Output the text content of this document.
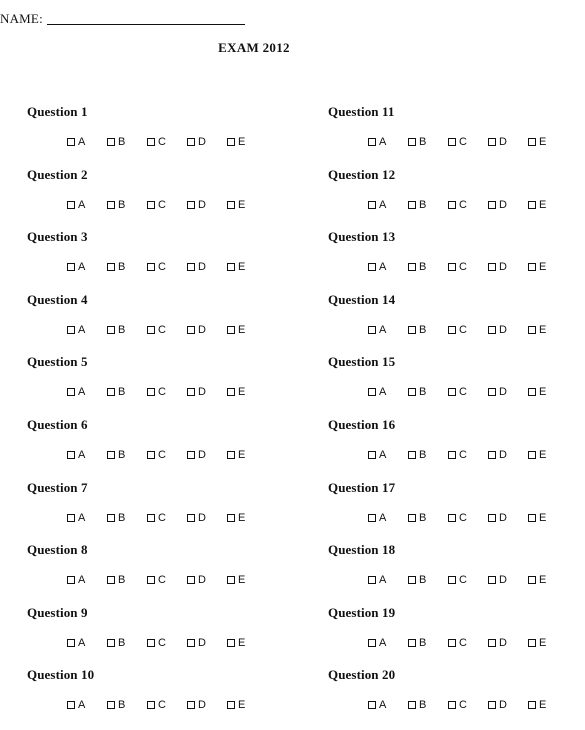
NAME:
EXAM 2012
Question 1
A	B	C	D	E
Question 2
A	B	C	D	E
Question 3
A	B	C	D	E
Question 4
A	B	C	D	E
Question 5
A	B	C	D	E
Question 6
A	B	C	D	E
Question 7
A	B	C	D	E
Question 8
A	B	C	D	E
Question 9
A	B	C	D	E
Question 10
A	B	C	D	E
Question 11
A	B	C	D	E
Question 12
A	B	C	D	E
Question 13
A	B	C	D	E
Question 14
A	B	C	D	E
Question 15
A	B	C	D	E
Question 16
A	B	C	D	E
Question 17
A	B	C	D	E
Question 18
A	B	C	D	E
Question 19
A	B	C	D	E
Question 20
A	B	C	D	E
